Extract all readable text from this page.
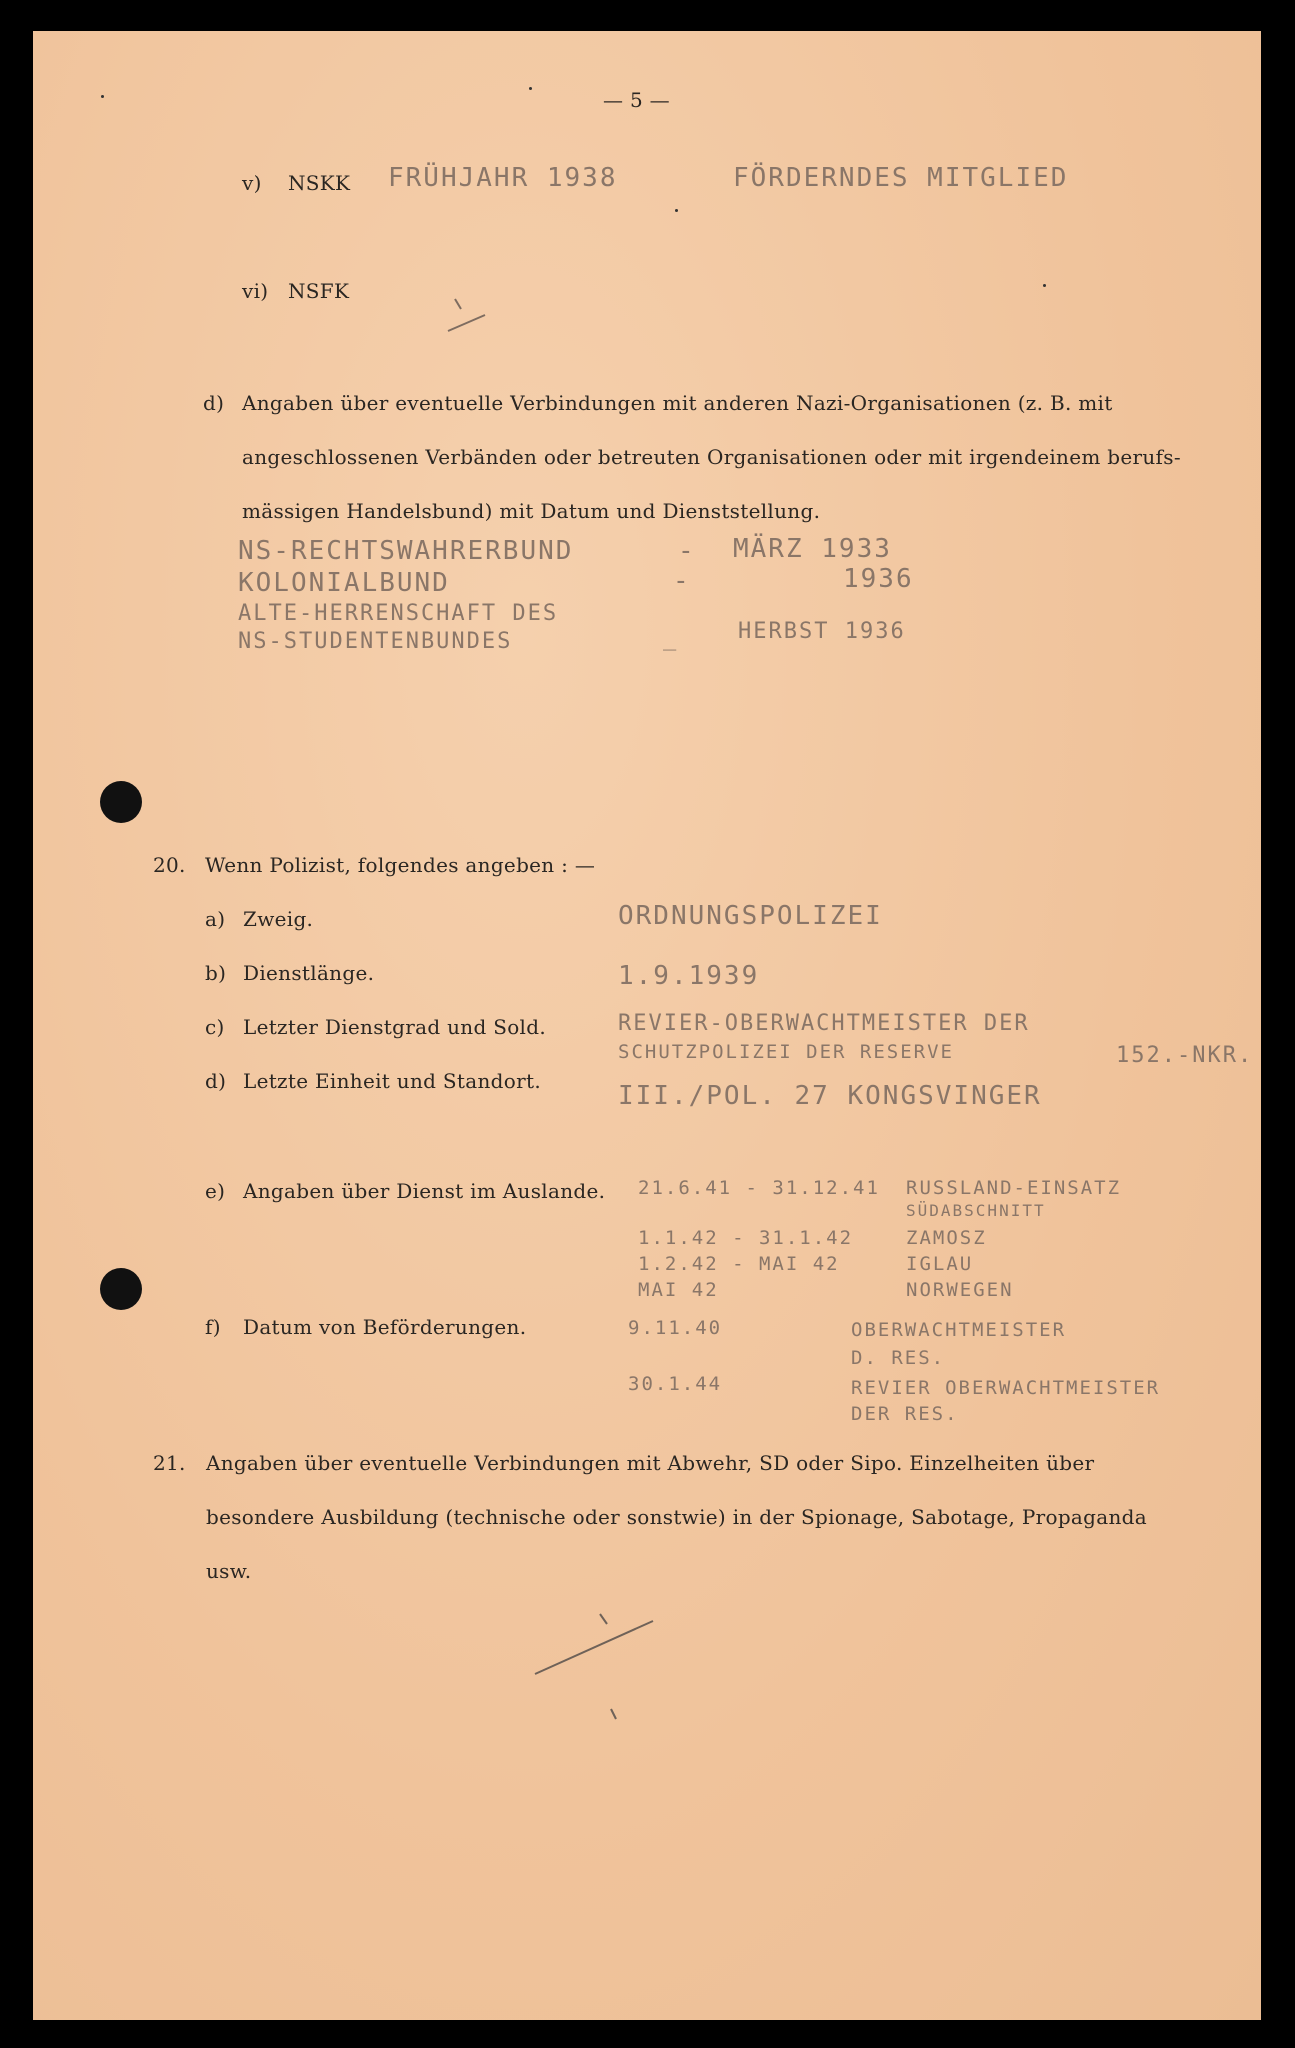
— 5 —
v) NSKK FRÜHJAHR 1938	FÖRDERNDES MITGLIED
vi) NSFK
d) Angaben über eventuelle Verbindungen mit anderen Nazi-Organisationen (z. B. mit
angeschlossenen Verbänden oder betreuten Organisationen oder mit irgendeinem berufs-
mässigen Handelsbund) mit Datum und Dienststellung.
NS-RECHTSWAHRERBUND	- MÄRZ 1933
KOLONIALBUND	-	1936
ALTE-HERRENSCHAFT DES
NS-STUDENTENBUNDES	_	HERBST 1936
20. Wenn Polizist, folgendes angeben : —
a) Zweig.	ORDNUNGSPOLIZEI
b) Dienstlänge.	1.9.1939
c) Letzter Dienstgrad und Sold.	REVIER-OBERWACHTMEISTER DER
SCHUTZPOLIZEI DER RESERVE	152.-NKR.
d) Letzte Einheit und Standort.	III./POL. 27 KONGSVINGER
e) Angaben über Dienst im Auslande. 21.6.41 - 31.12.41 RUSSLAND-EINSATZ
SÜDABSCHNITT
1.1.42 - 31.1.42	ZAMOSZ
1.2.42 - MAI 42	IGLAU
MAI 42	NORWEGEN
f) Datum von Beförderungen.	9.11.40	OBERWACHTMEISTER
D. RES.
30.1.44	REVIER OBERWACHTMEISTER
DER RES.
21. Angaben über eventuelle Verbindungen mit Abwehr, SD oder Sipo. Einzelheiten über
besondere Ausbildung (technische oder sonstwie) in der Spionage, Sabotage, Propaganda
usw.
